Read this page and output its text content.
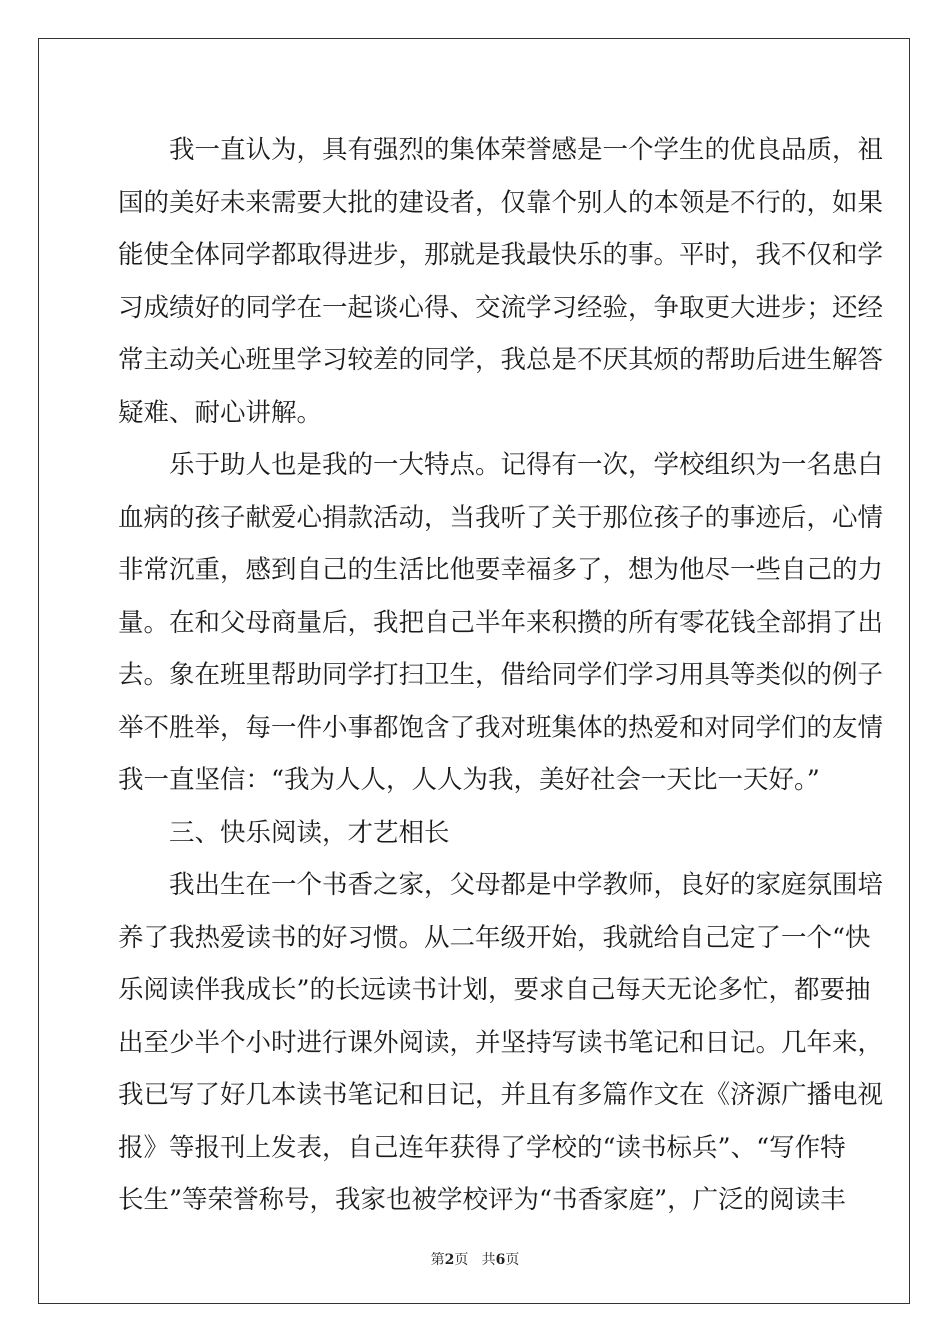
我一直认为，具有强烈的集体荣誉感是一个学生的优良品质，祖
国的美好未来需要大批的建设者，仅靠个别人的本领是不行的，如果
能使全体同学都取得进步，那就是我最快乐的事。平时，我不仅和学
习成绩好的同学在一起谈心得、交流学习经验，争取更大进步；还经
常主动关心班里学习较差的同学，我总是不厌其烦的帮助后进生解答
疑难、耐心讲解。
乐于助人也是我的一大特点。记得有一次，学校组织为一名患白
血病的孩子献爱心捐款活动，当我听了关于那位孩子的事迹后，心情
非常沉重，感到自己的生活比他要幸福多了，想为他尽一些自己的力
量。在和父母商量后，我把自己半年来积攒的所有零花钱全部捐了出
去。象在班里帮助同学打扫卫生，借给同学们学习用具等类似的例子
举不胜举，每一件小事都饱含了我对班集体的热爱和对同学们的友情
我一直坚信：“我为人人，人人为我，美好社会一天比一天好。”
三、快乐阅读，才艺相长
我出生在一个书香之家，父母都是中学教师，良好的家庭氛围培
养了我热爱读书的好习惯。从二年级开始，我就给自己定了一个“快
乐阅读伴我成长”的长远读书计划，要求自己每天无论多忙，都要抽
出至少半个小时进行课外阅读，并坚持写读书笔记和日记。几年来，
我已写了好几本读书笔记和日记，并且有多篇作文在《济源广播电视
报》等报刊上发表，自己连年获得了学校的“读书标兵”、“写作特
长生”等荣誉称号，我家也被学校评为“书香家庭”，广泛的阅读丰
第2页 共6页
